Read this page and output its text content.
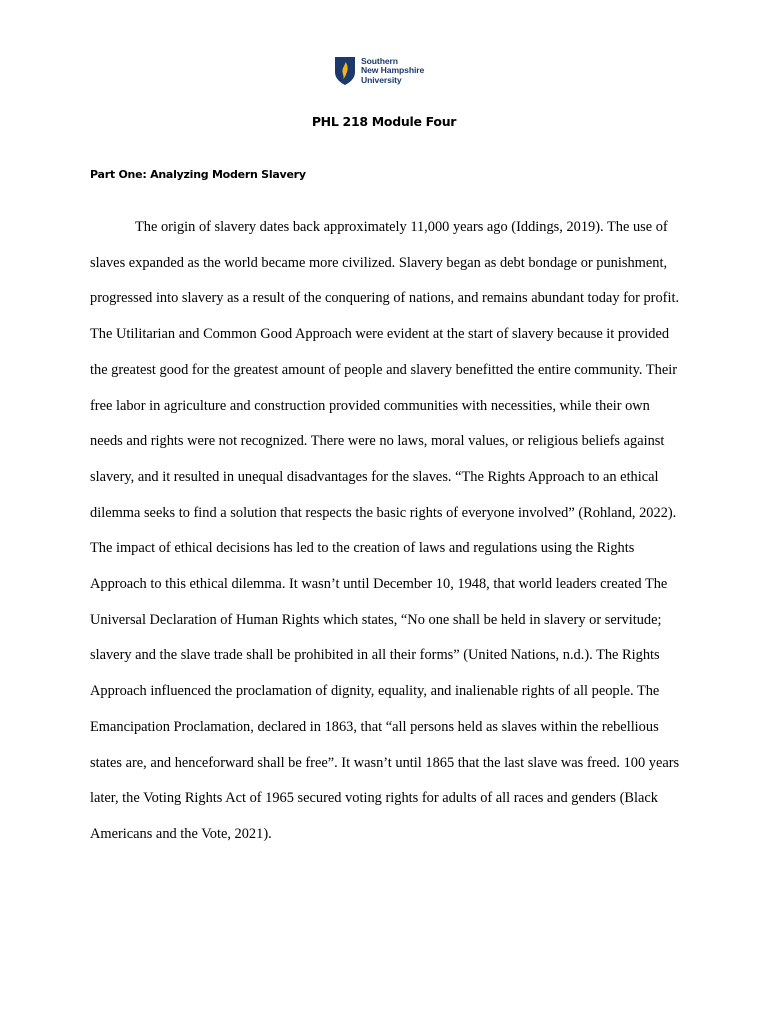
Southern
New Hampshire
University
PHL 218 Module Four
Part One: Analyzing Modern Slavery

The origin of slavery dates back approximately 11,000 years ago (Iddings, 2019). The use of slaves expanded as the world became more civilized. Slavery began as debt bondage or punishment, progressed into slavery as a result of the conquering of nations, and remains abundant today for profit. The Utilitarian and Common Good Approach were evident at the start of slavery because it provided the greatest good for the greatest amount of people and slavery benefitted the entire community. Their free labor in agriculture and construction provided communities with necessities, while their own needs and rights were not recognized. There were no laws, moral values, or religious beliefs against slavery, and it resulted in unequal disadvantages for the slaves. “The Rights Approach to an ethical dilemma seeks to find a solution that respects the basic rights of everyone involved” (Rohland, 2022). The impact of ethical decisions has led to the creation of laws and regulations using the Rights Approach to this ethical dilemma. It wasn’t until December 10, 1948, that world leaders created The Universal Declaration of Human Rights which states, “No one shall be held in slavery or servitude; slavery and the slave trade shall be prohibited in all their forms” (United Nations, n.d.). The Rights Approach influenced the proclamation of dignity, equality, and inalienable rights of all people. The Emancipation Proclamation, declared in 1863, that “all persons held as slaves within the rebellious states are, and henceforward shall be free”. It wasn’t until 1865 that the last slave was freed. 100 years later, the Voting Rights Act of 1965 secured voting rights for adults of all races and genders (Black Americans and the Vote, 2021).
